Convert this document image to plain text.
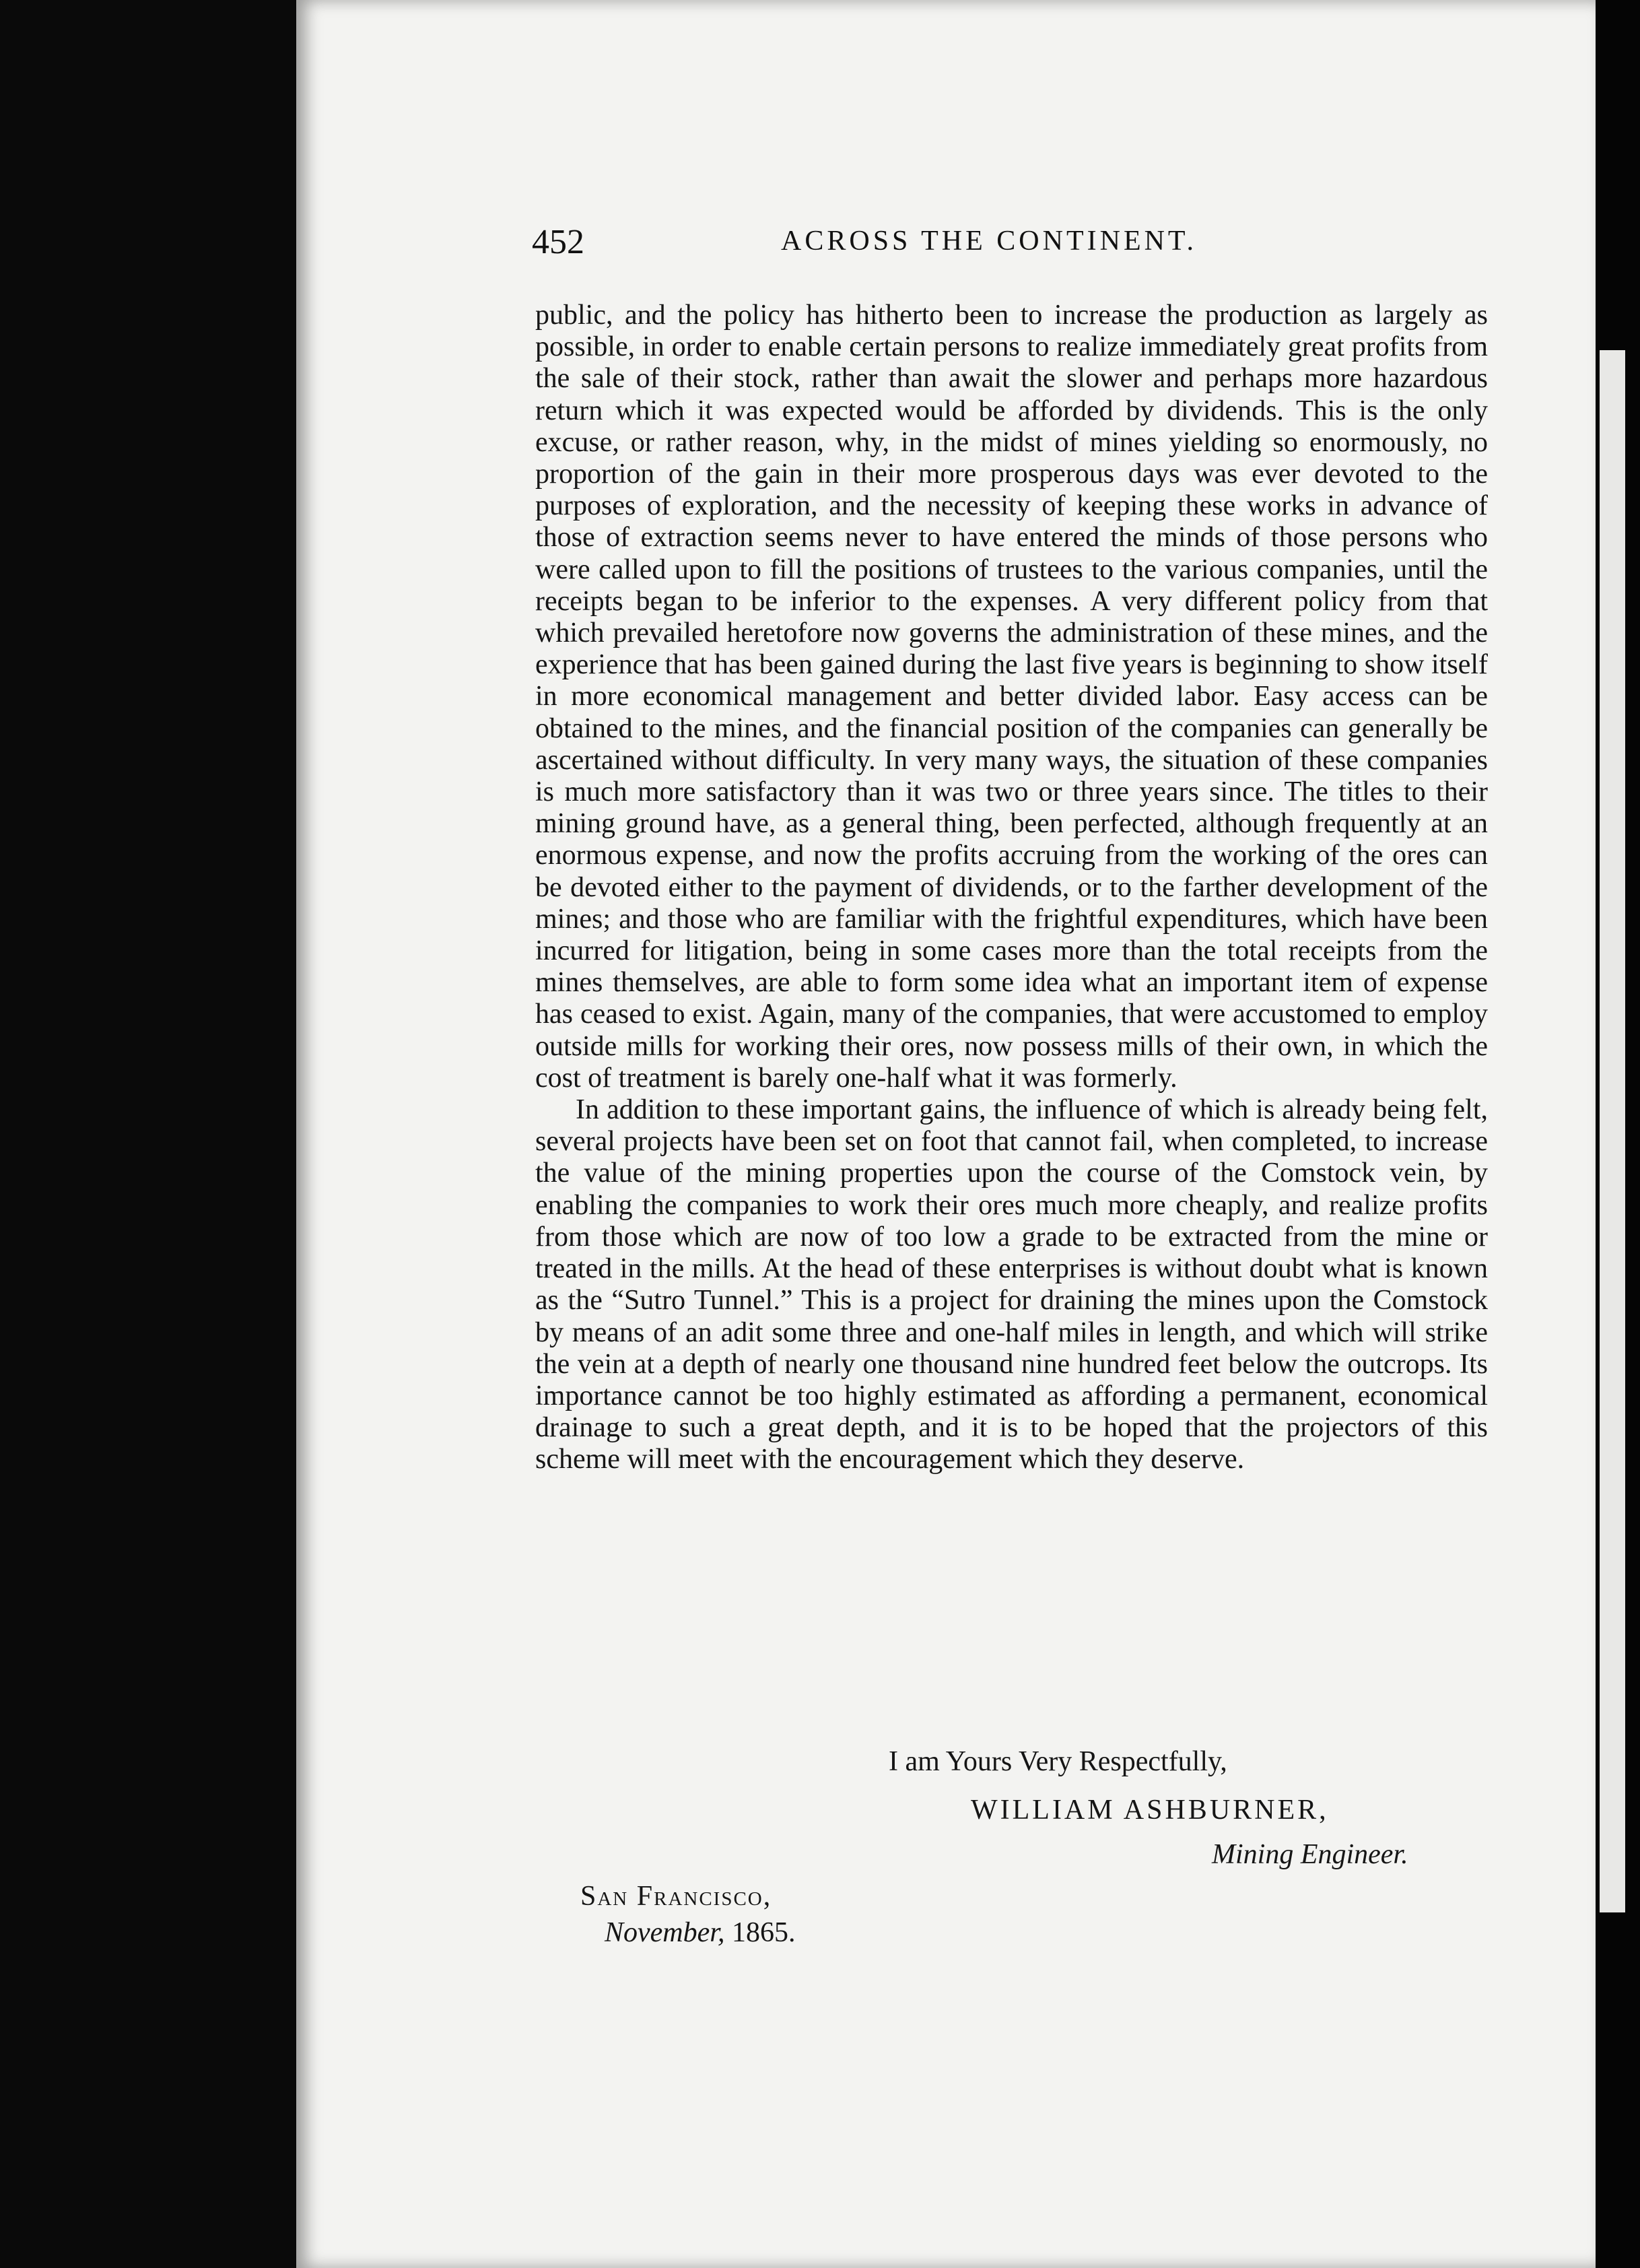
452	ACROSS THE CONTINENT.

public, and the policy has hitherto been to increase the production as largely as possible, in order to enable certain persons to realize immediately great profits from the sale of their stock, rather than await the slower and perhaps more hazardous return which it was expected would be afforded by dividends. This is the only excuse, or rather reason, why, in the midst of mines yielding so enormously, no proportion of the gain in their more prosperous days was ever devoted to the purposes of exploration, and the necessity of keeping these works in advance of those of extraction seems never to have entered the minds of those persons who were called upon to fill the positions of trustees to the various companies, until the receipts began to be inferior to the expenses. A very different policy from that which prevailed heretofore now governs the administration of these mines, and the experience that has been gained during the last five years is beginning to show itself in more economical management and better divided labor. Easy access can be obtained to the mines, and the financial position of the companies can generally be ascertained without difficulty. In very many ways, the situation of these companies is much more satisfactory than it was two or three years since. The titles to their mining ground have, as a general thing, been perfected, although frequently at an enormous expense, and now the profits accruing from the working of the ores can be devoted either to the payment of dividends, or to the farther development of the mines; and those who are familiar with the frightful expenditures, which have been incurred for litigation, being in some cases more than the total receipts from the mines themselves, are able to form some idea what an important item of expense has ceased to exist. Again, many of the companies, that were accustomed to employ outside mills for working their ores, now possess mills of their own, in which the cost of treatment is barely one-half what it was formerly.

In addition to these important gains, the influence of which is already being felt, several projects have been set on foot that cannot fail, when completed, to increase the value of the mining properties upon the course of the Comstock vein, by enabling the companies to work their ores much more cheaply, and realize profits from those which are now of too low a grade to be extracted from the mine or treated in the mills. At the head of these enterprises is without doubt what is known as the “Sutro Tunnel.” This is a project for draining the mines upon the Comstock by means of an adit some three and one-half miles in length, and which will strike the vein at a depth of nearly one thousand nine hundred feet below the outcrops. Its importance cannot be too highly estimated as affording a permanent, economical drainage to such a great depth, and it is to be hoped that the projectors of this scheme will meet with the encouragement which they deserve.

I am Yours Very Respectfully,
WILLIAM ASHBURNER,
Mining Engineer.
San Francisco,
November, 1865.
